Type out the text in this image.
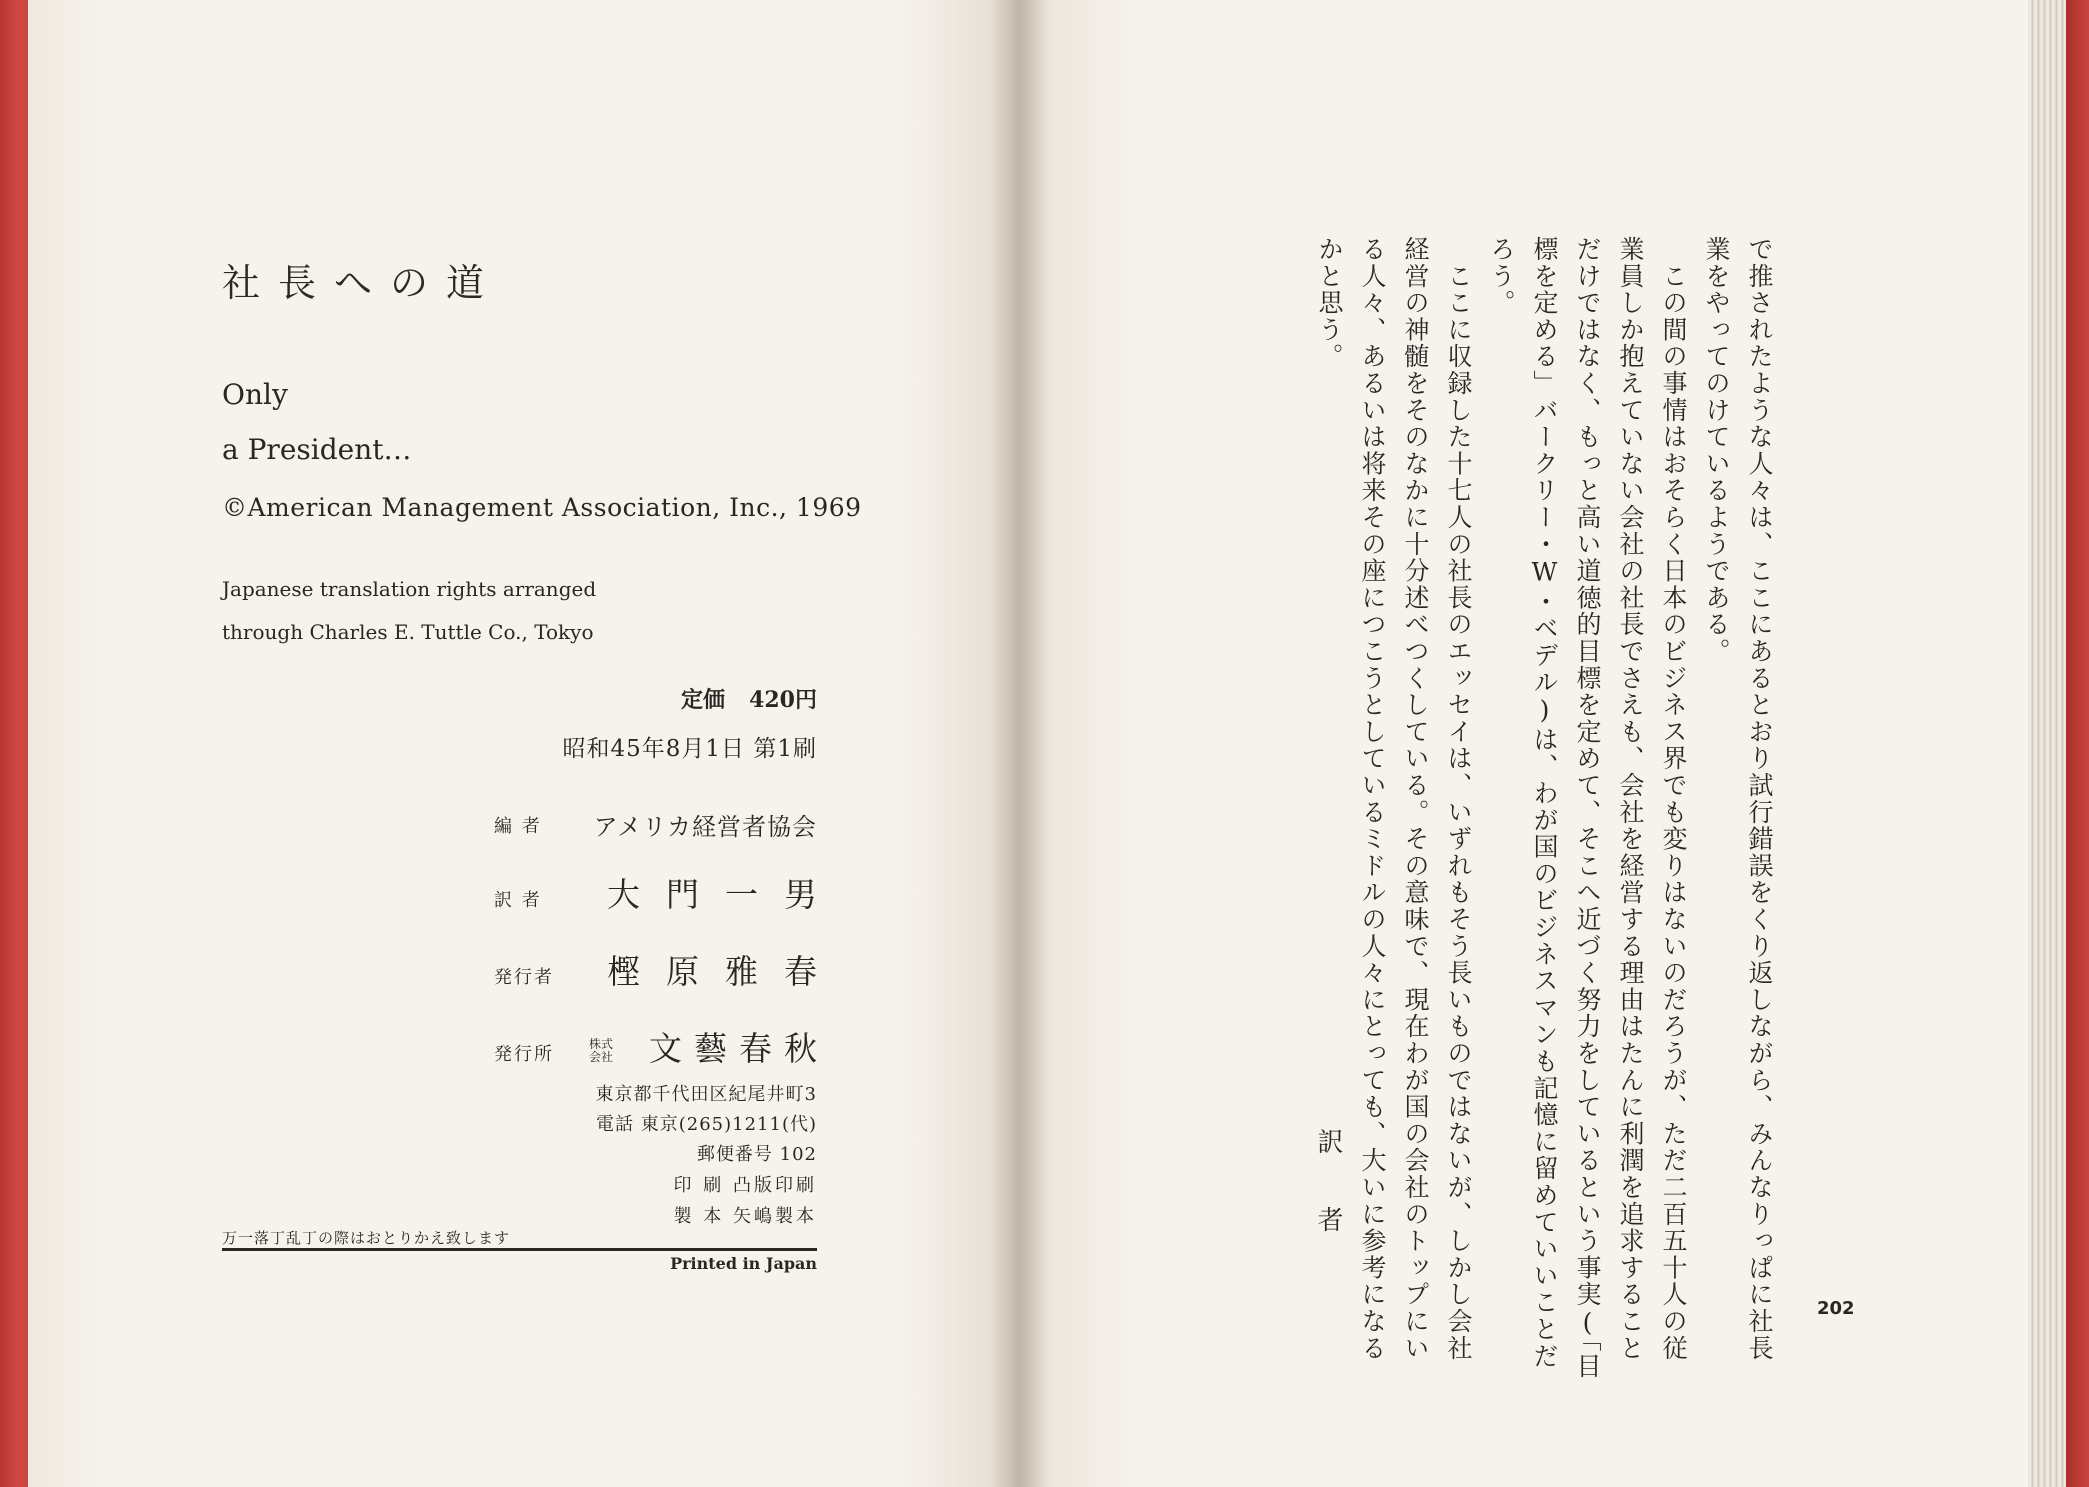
社長への道
Only
a President…
©American Management Association, Inc., 1969
Japanese translation rights arranged
through Charles E. Tuttle Co., Tokyo
定価 420円
昭和45年8月1日 第1刷
編 者 アメリカ経営者協会
訳 者 大門一男
発行者 樫原雅春
発行所	株式会社 文藝春秋
東京都千代田区紀尾井町3
電話 東京(265)1211(代)
郵便番号 102
印 刷 凸版印刷
製 本 矢嶋製本
万一落丁乱丁の際はおとりかえ致します
Printed in Japan	で推されたような人々は、ここにあるとおり試行錯誤をくり返しながら、みんなりっぱに社長
業をやってのけているようである。
　この間の事情はおそらく日本のビジネス界でも変りはないのだろうが、ただ二百五十人の従
業員しか抱えていない会社の社長でさえも、会社を経営する理由はたんに利潤を追求すること
だけではなく、もっと高い道徳的目標を定めて、そこへ近づく努力をしているという事実(「目
標を定める」バークリー・W・ベデル)は、わが国のビジネスマンも記憶に留めていいことだ
ろう。
　ここに収録した十七人の社長のエッセイは、いずれもそう長いものではないが、しかし会社
経営の神髄をそのなかに十分述べつくしている。その意味で、現在わが国の会社のトップにい
る人々、あるいは将来その座につこうとしているミドルの人々にとっても、大いに参考になる
かと思う。
訳者
202
